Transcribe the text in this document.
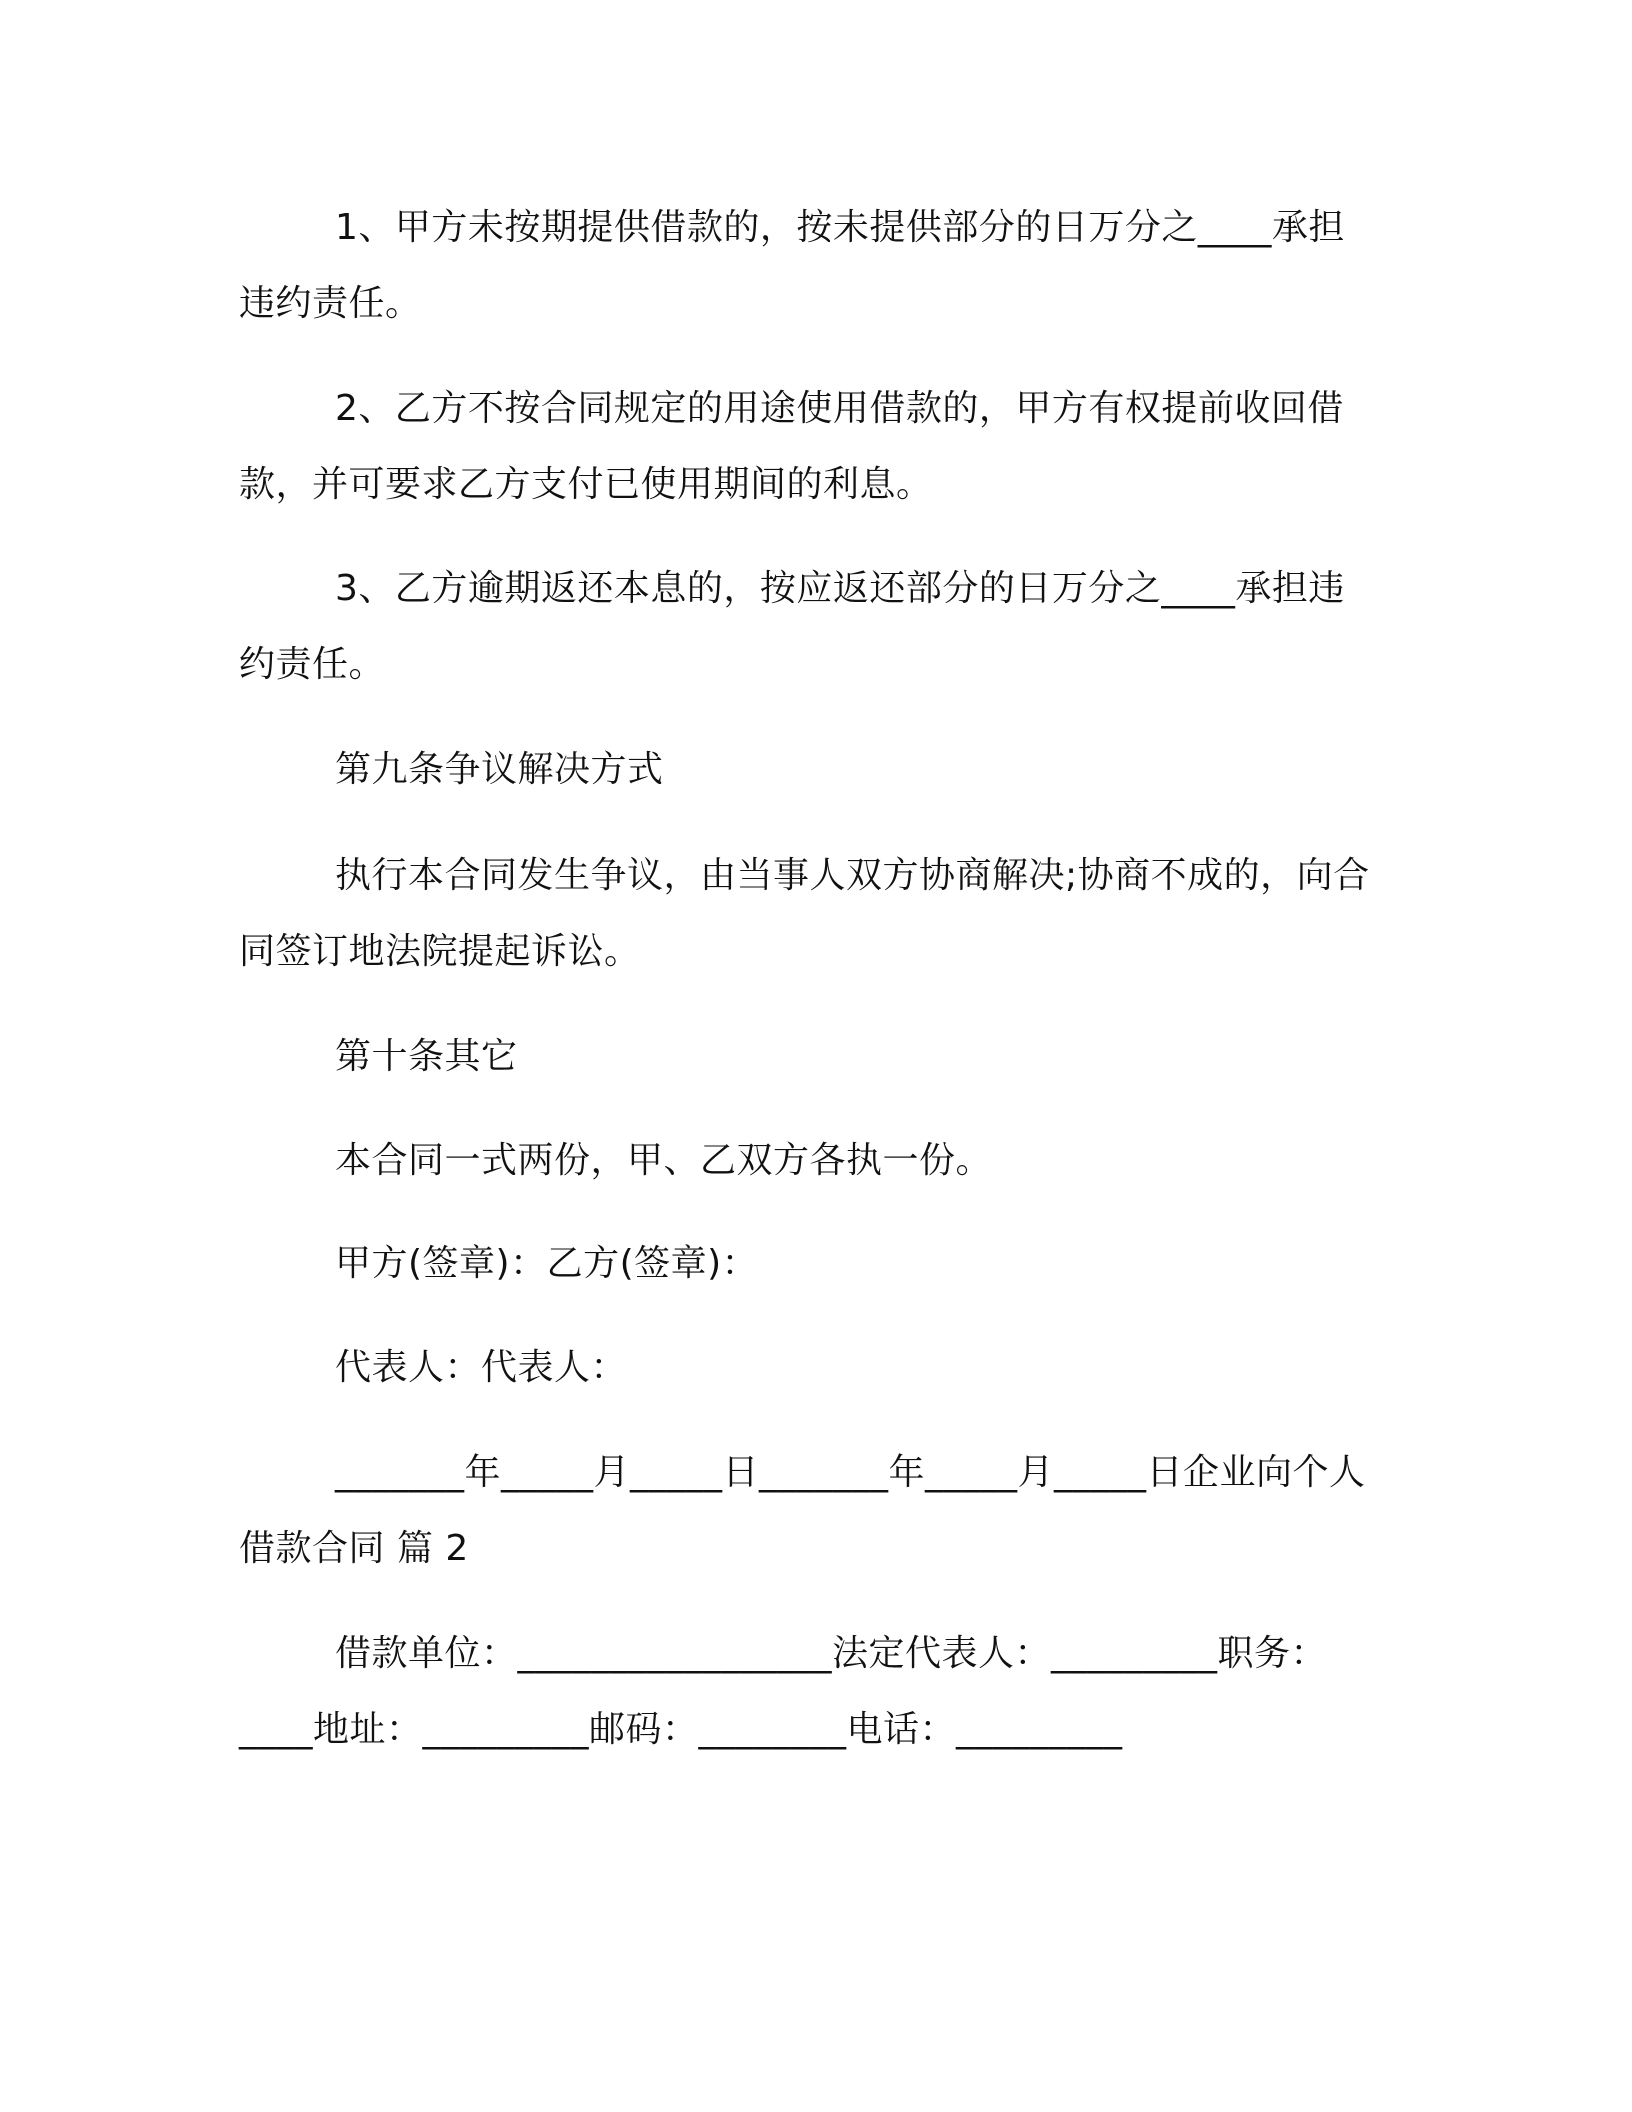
1、甲方未按期提供借款的，按未提供部分的日万分之____承担违约责任。

2、乙方不按合同规定的用途使用借款的，甲方有权提前收回借款，并可要求乙方支付已使用期间的利息。

3、乙方逾期返还本息的，按应返还部分的日万分之____承担违约责任。

第九条争议解决方式

执行本合同发生争议，由当事人双方协商解决;协商不成的，向合同签订地法院提起诉讼。

第十条其它

本合同一式两份，甲、乙双方各执一份。

甲方(签章)：乙方(签章)：

代表人：代表人：

_______年_____月_____日_______年_____月_____日企业向个人借款合同 篇 2

借款单位：_________________法定代表人：_________职务：____地址：_________邮码：________电话：_________
